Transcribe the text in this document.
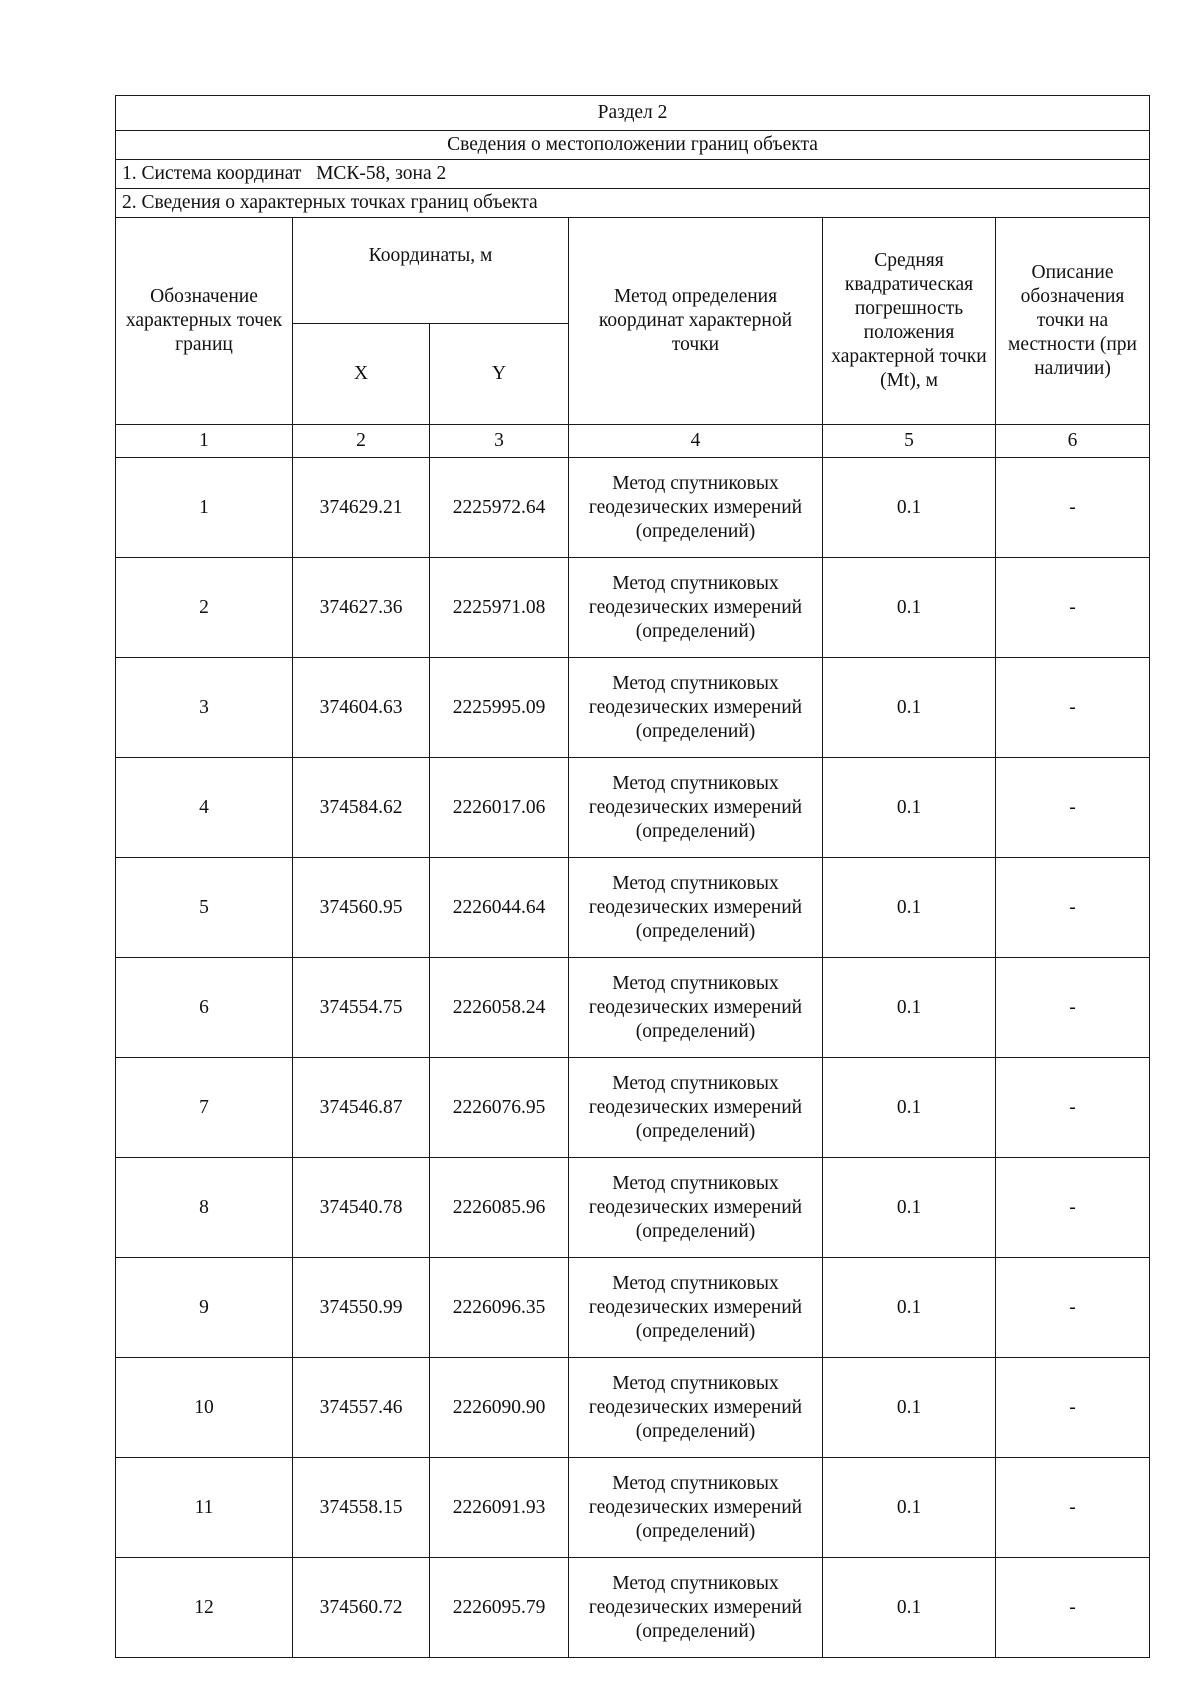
Раздел 2					
Сведения о местоположении границ объекта					
1. Система координат   МСК-58, зона 2					
2. Сведения о характерных точках границ объекта					
Обозначение характерных точек границ	Координаты, м		Метод определения координат характерной точки	Средняя квадратическая погрешность положения характерной точки (Mt), м	Описание обозначения точки на местности (при наличии)
	X	Y			
1	2	3	4	5	6
1	374629.21	2225972.64	Метод спутниковых геодезических измерений (определений)	0.1	-
2	374627.36	2225971.08	Метод спутниковых геодезических измерений (определений)	0.1	-
3	374604.63	2225995.09	Метод спутниковых геодезических измерений (определений)	0.1	-
4	374584.62	2226017.06	Метод спутниковых геодезических измерений (определений)	0.1	-
5	374560.95	2226044.64	Метод спутниковых геодезических измерений (определений)	0.1	-
6	374554.75	2226058.24	Метод спутниковых геодезических измерений (определений)	0.1	-
7	374546.87	2226076.95	Метод спутниковых геодезических измерений (определений)	0.1	-
8	374540.78	2226085.96	Метод спутниковых геодезических измерений (определений)	0.1	-
9	374550.99	2226096.35	Метод спутниковых геодезических измерений (определений)	0.1	-
10	374557.46	2226090.90	Метод спутниковых геодезических измерений (определений)	0.1	-
11	374558.15	2226091.93	Метод спутниковых геодезических измерений (определений)	0.1	-
12	374560.72	2226095.79	Метод спутниковых геодезических измерений (определений)	0.1	-
